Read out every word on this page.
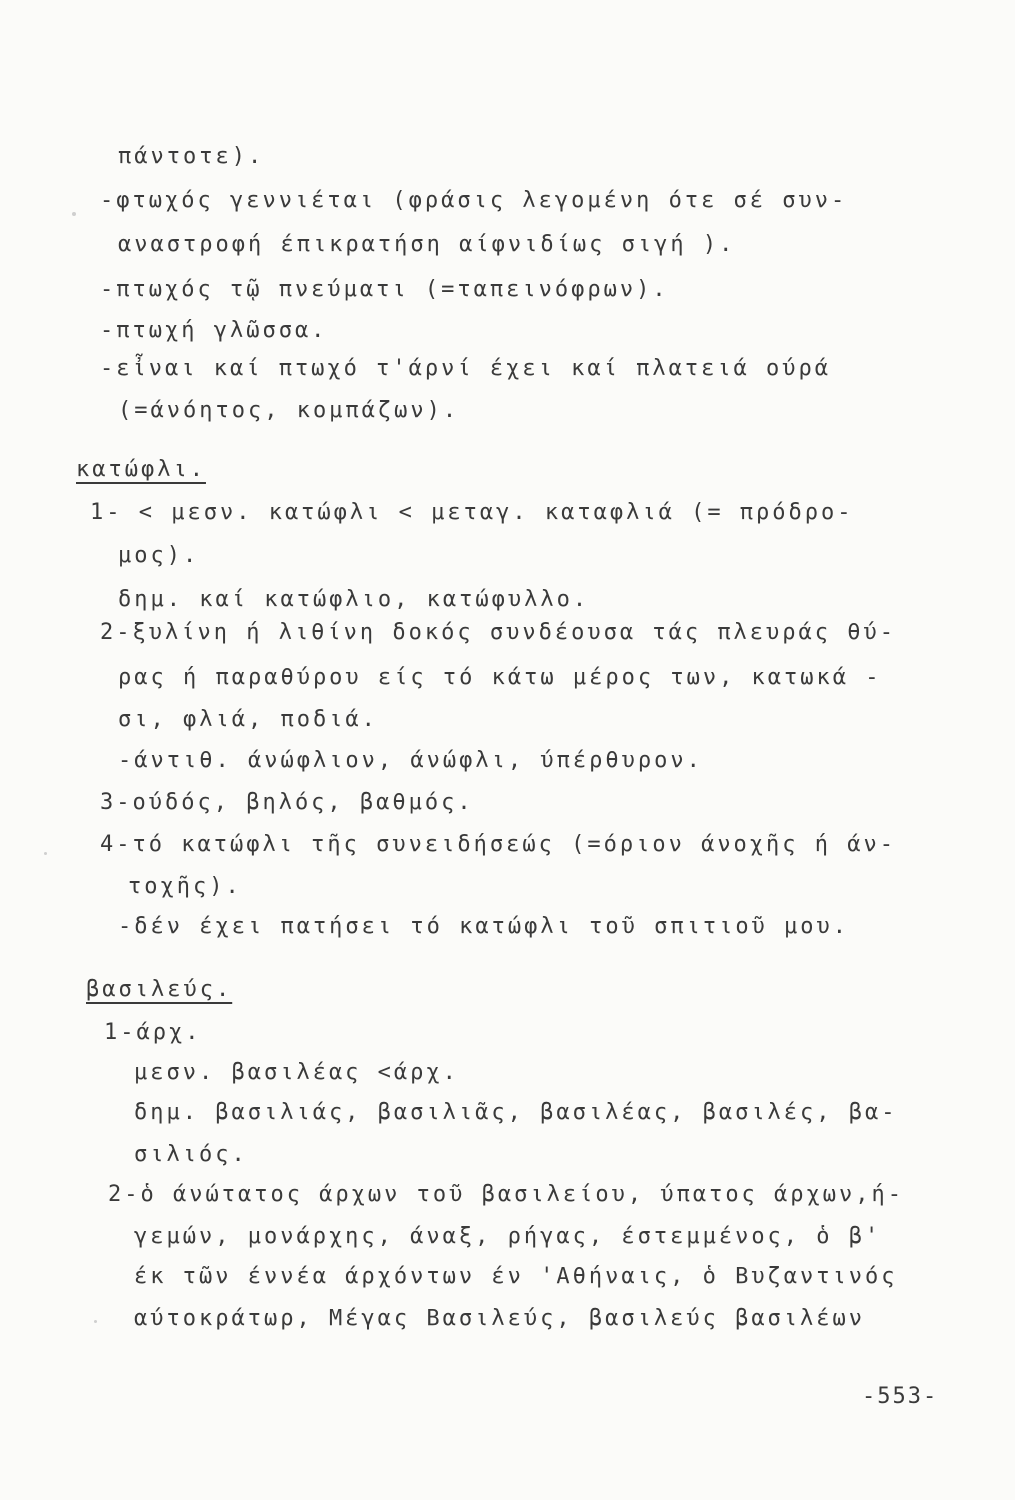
πάντοτε).
-φτωχός γεννιέται (φράσις λεγομένη ότε σέ συν-
αναστροφή έπικρατήση αίφνιδίως σιγή ).
-πτωχός τῷ πνεύματι (=ταπεινόφρων).
-πτωχή γλῶσσα.
-εἶναι καί πτωχό τ'άρνί έχει καί πλατειά ούρά
(=άνόητος, κομπάζων).
κατώφλι.
1- < μεσν. κατώφλι < μεταγ. καταφλιά (= πρόδρο-
μος).
δημ. καί κατώφλιο, κατώφυλλο.
2-ξυλίνη ή λιθίνη δοκός συνδέουσα τάς πλευράς θύ-
ρας ή παραθύρου είς τό κάτω μέρος των, κατωκά -
σι, φλιά, ποδιά.
-άντιθ. άνώφλιον, άνώφλι, ύπέρθυρον.
3-ούδός, βηλός, βαθμός.
4-τό κατώφλι τῆς συνειδήσεώς (=όριον άνοχῆς ή άν-
τοχῆς).
-δέν έχει πατήσει τό κατώφλι τοῦ σπιτιοῦ μου.
βασιλεύς.
1-άρχ.
μεσν. βασιλέας <άρχ.
δημ. βασιλιάς, βασιλιᾶς, βασιλέας, βασιλές, βα-
σιλιός.
2-ὁ άνώτατος άρχων τοῦ βασιλείου, ύπατος άρχων,ή-
γεμών, μονάρχης, άναξ, ρήγας, έστεμμένος, ὁ β'
έκ τῶν έννέα άρχόντων έν 'Αθήναις, ὁ Βυζαντινός
αύτοκράτωρ, Μέγας Βασιλεύς, βασιλεύς βασιλέων
-553-
